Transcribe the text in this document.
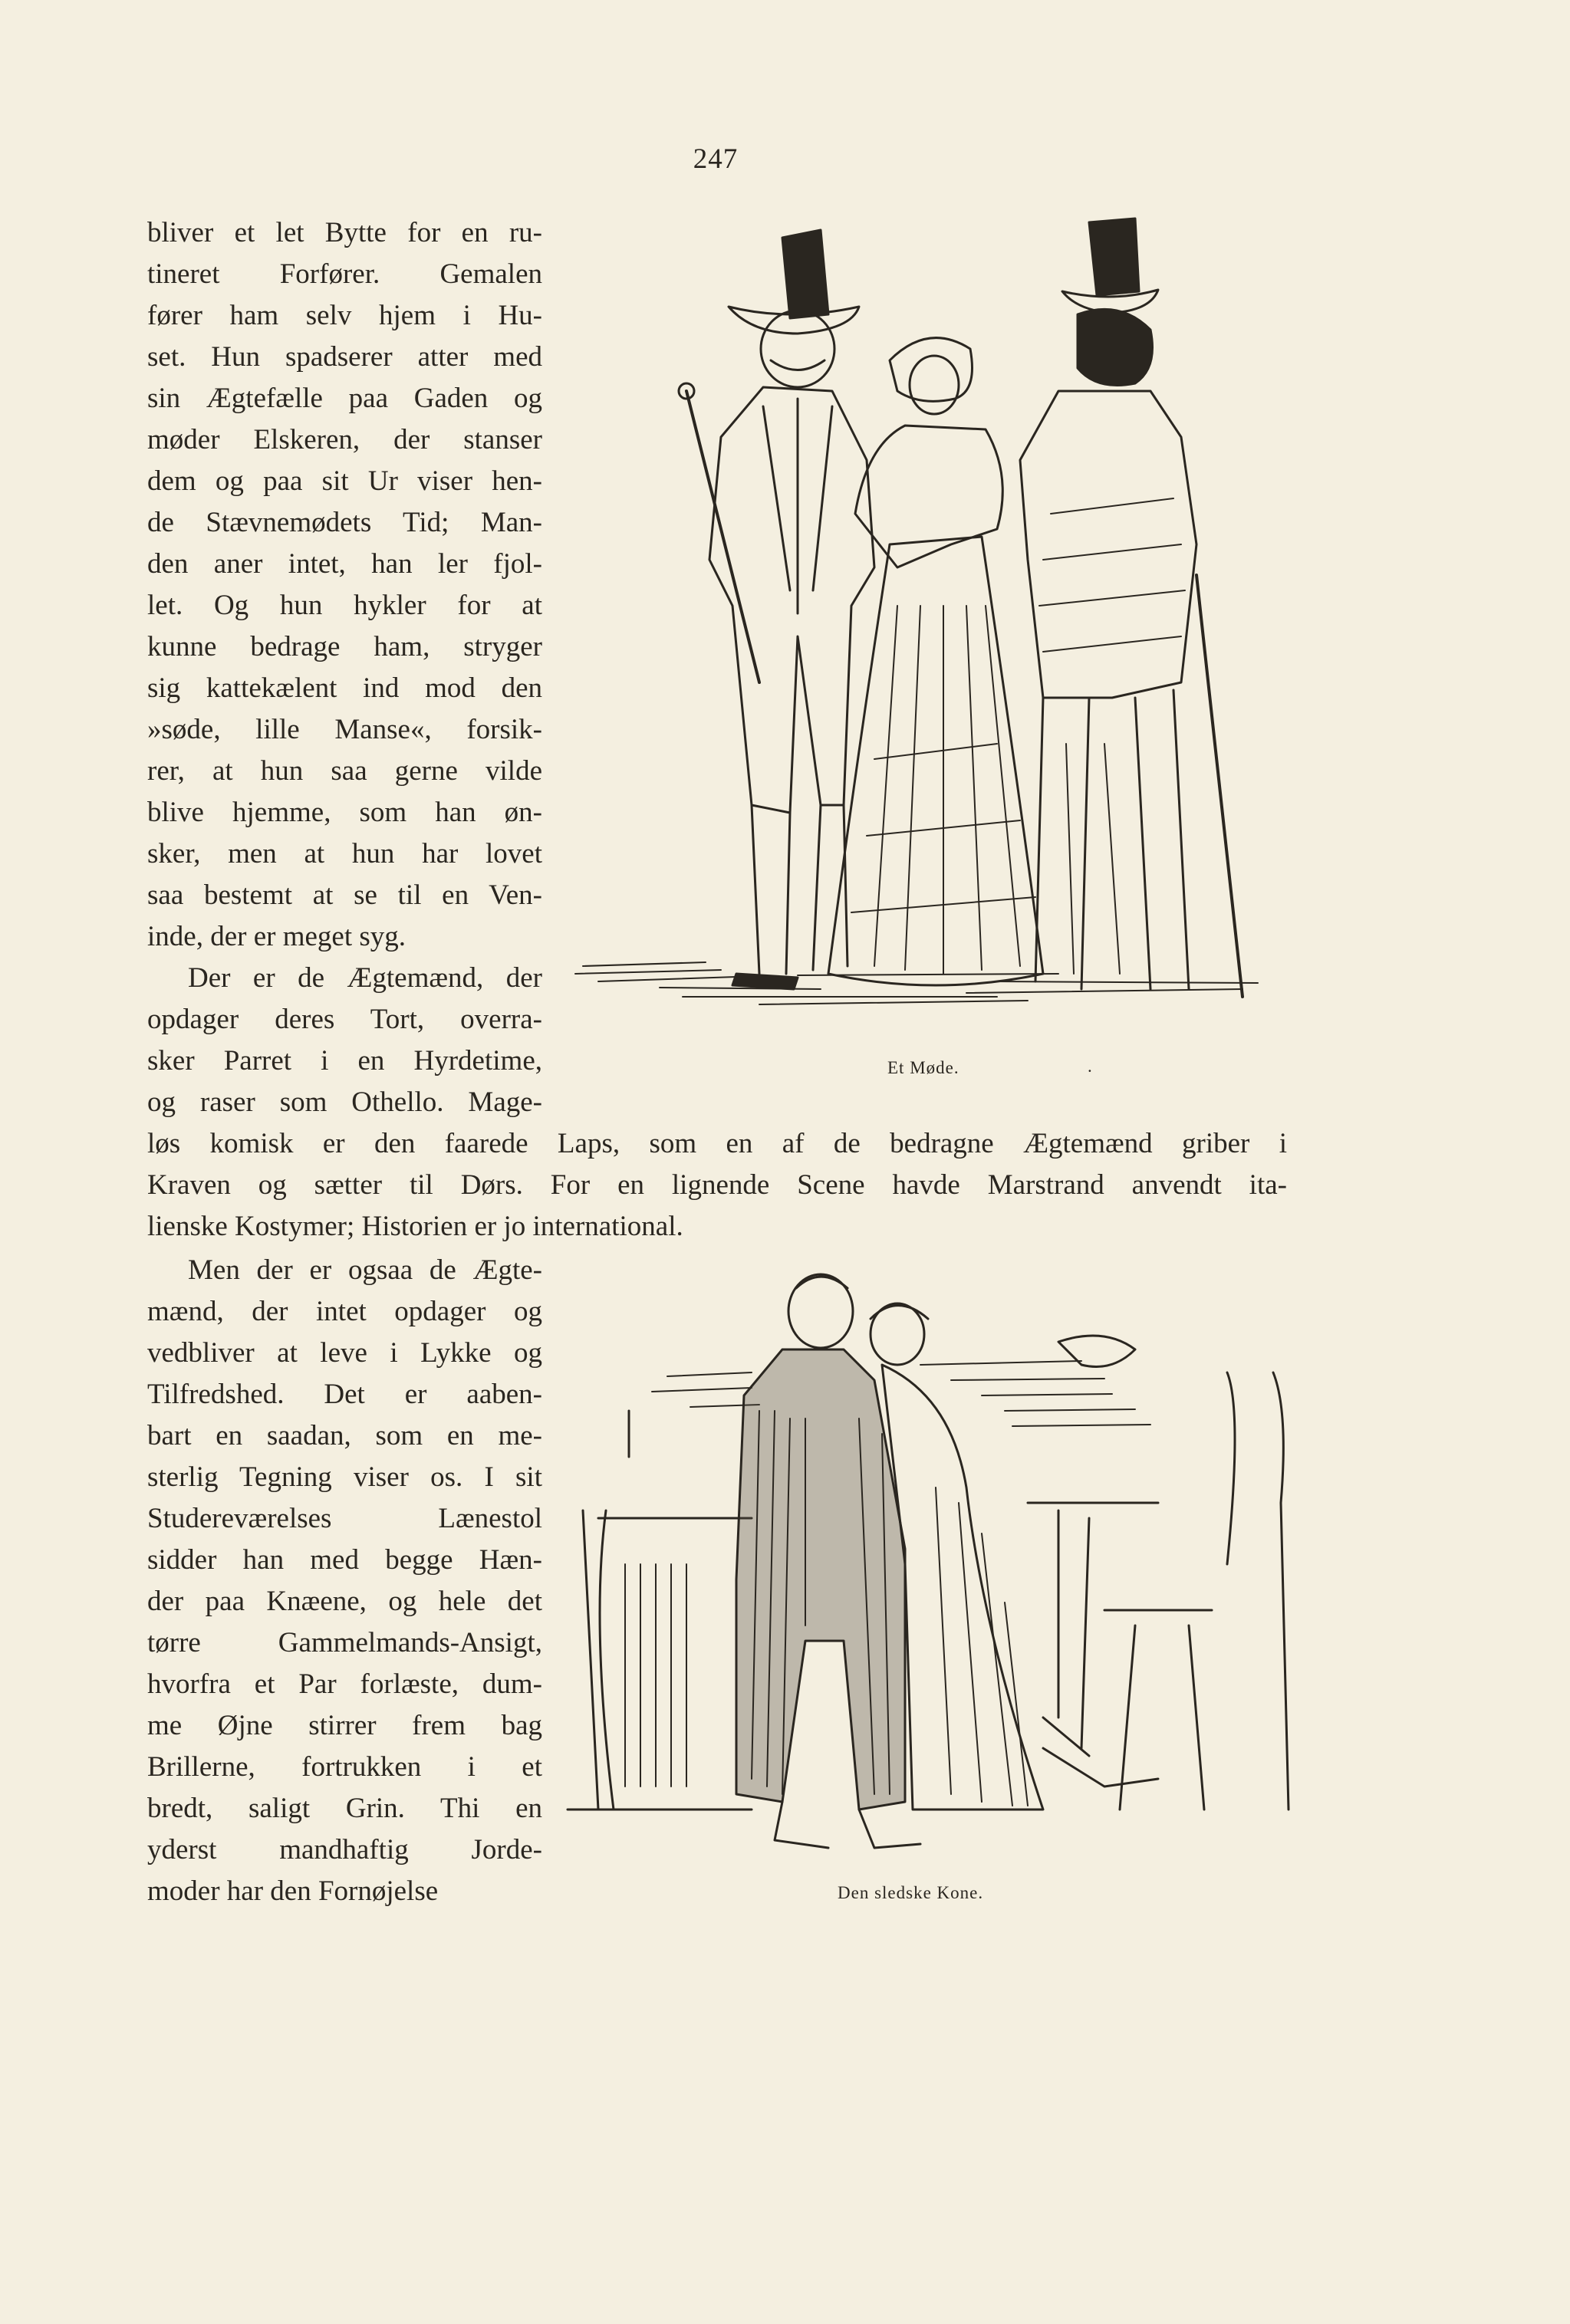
247
bliver et let Bytte for en ru-
tineret Forfører. Gemalen
fører ham selv hjem i Hu-
set. Hun spadserer atter med
sin Ægtefælle paa Gaden og
møder Elskeren, der stanser
dem og paa sit Ur viser hen-
de Stævnemødets Tid; Man-
den aner intet, han ler fjol-
let. Og hun hykler for at
kunne bedrage ham, stryger
sig kattekælent ind mod den
»søde, lille Manse«, forsik-
rer, at hun saa gerne vilde
blive hjemme, som han øn-
sker, men at hun har lovet
saa bestemt at se til en Ven-
inde, der er meget syg.
Der er de Ægtemænd, der
opdager deres Tort, overra-
sker Parret i en Hyrdetime,
og raser som Othello. Mage-
løs komisk er den faarede Laps, som en af de bedragne Ægtemænd griber i
Kraven og sætter til Dørs. For en lignende Scene havde Marstrand anvendt ita-
lienske Kostymer; Historien er jo international.
Men der er ogsaa de Ægte-
mænd, der intet opdager og
vedbliver at leve i Lykke og
Tilfredshed. Det er aaben-
bart en saadan, som en me-
sterlig Tegning viser os. I sit
Studereværelses Lænestol
sidder han med begge Hæn-
der paa Knæene, og hele det
tørre Gammelmands-Ansigt,
hvorfra et Par forlæste, dum-
me Øjne stirrer frem bag
Brillerne, fortrukken i et
bredt, saligt Grin. Thi en
yderst mandhaftig Jorde-
moder har den Fornøjelse
Et Møde.	.
Den sledske Kone.
